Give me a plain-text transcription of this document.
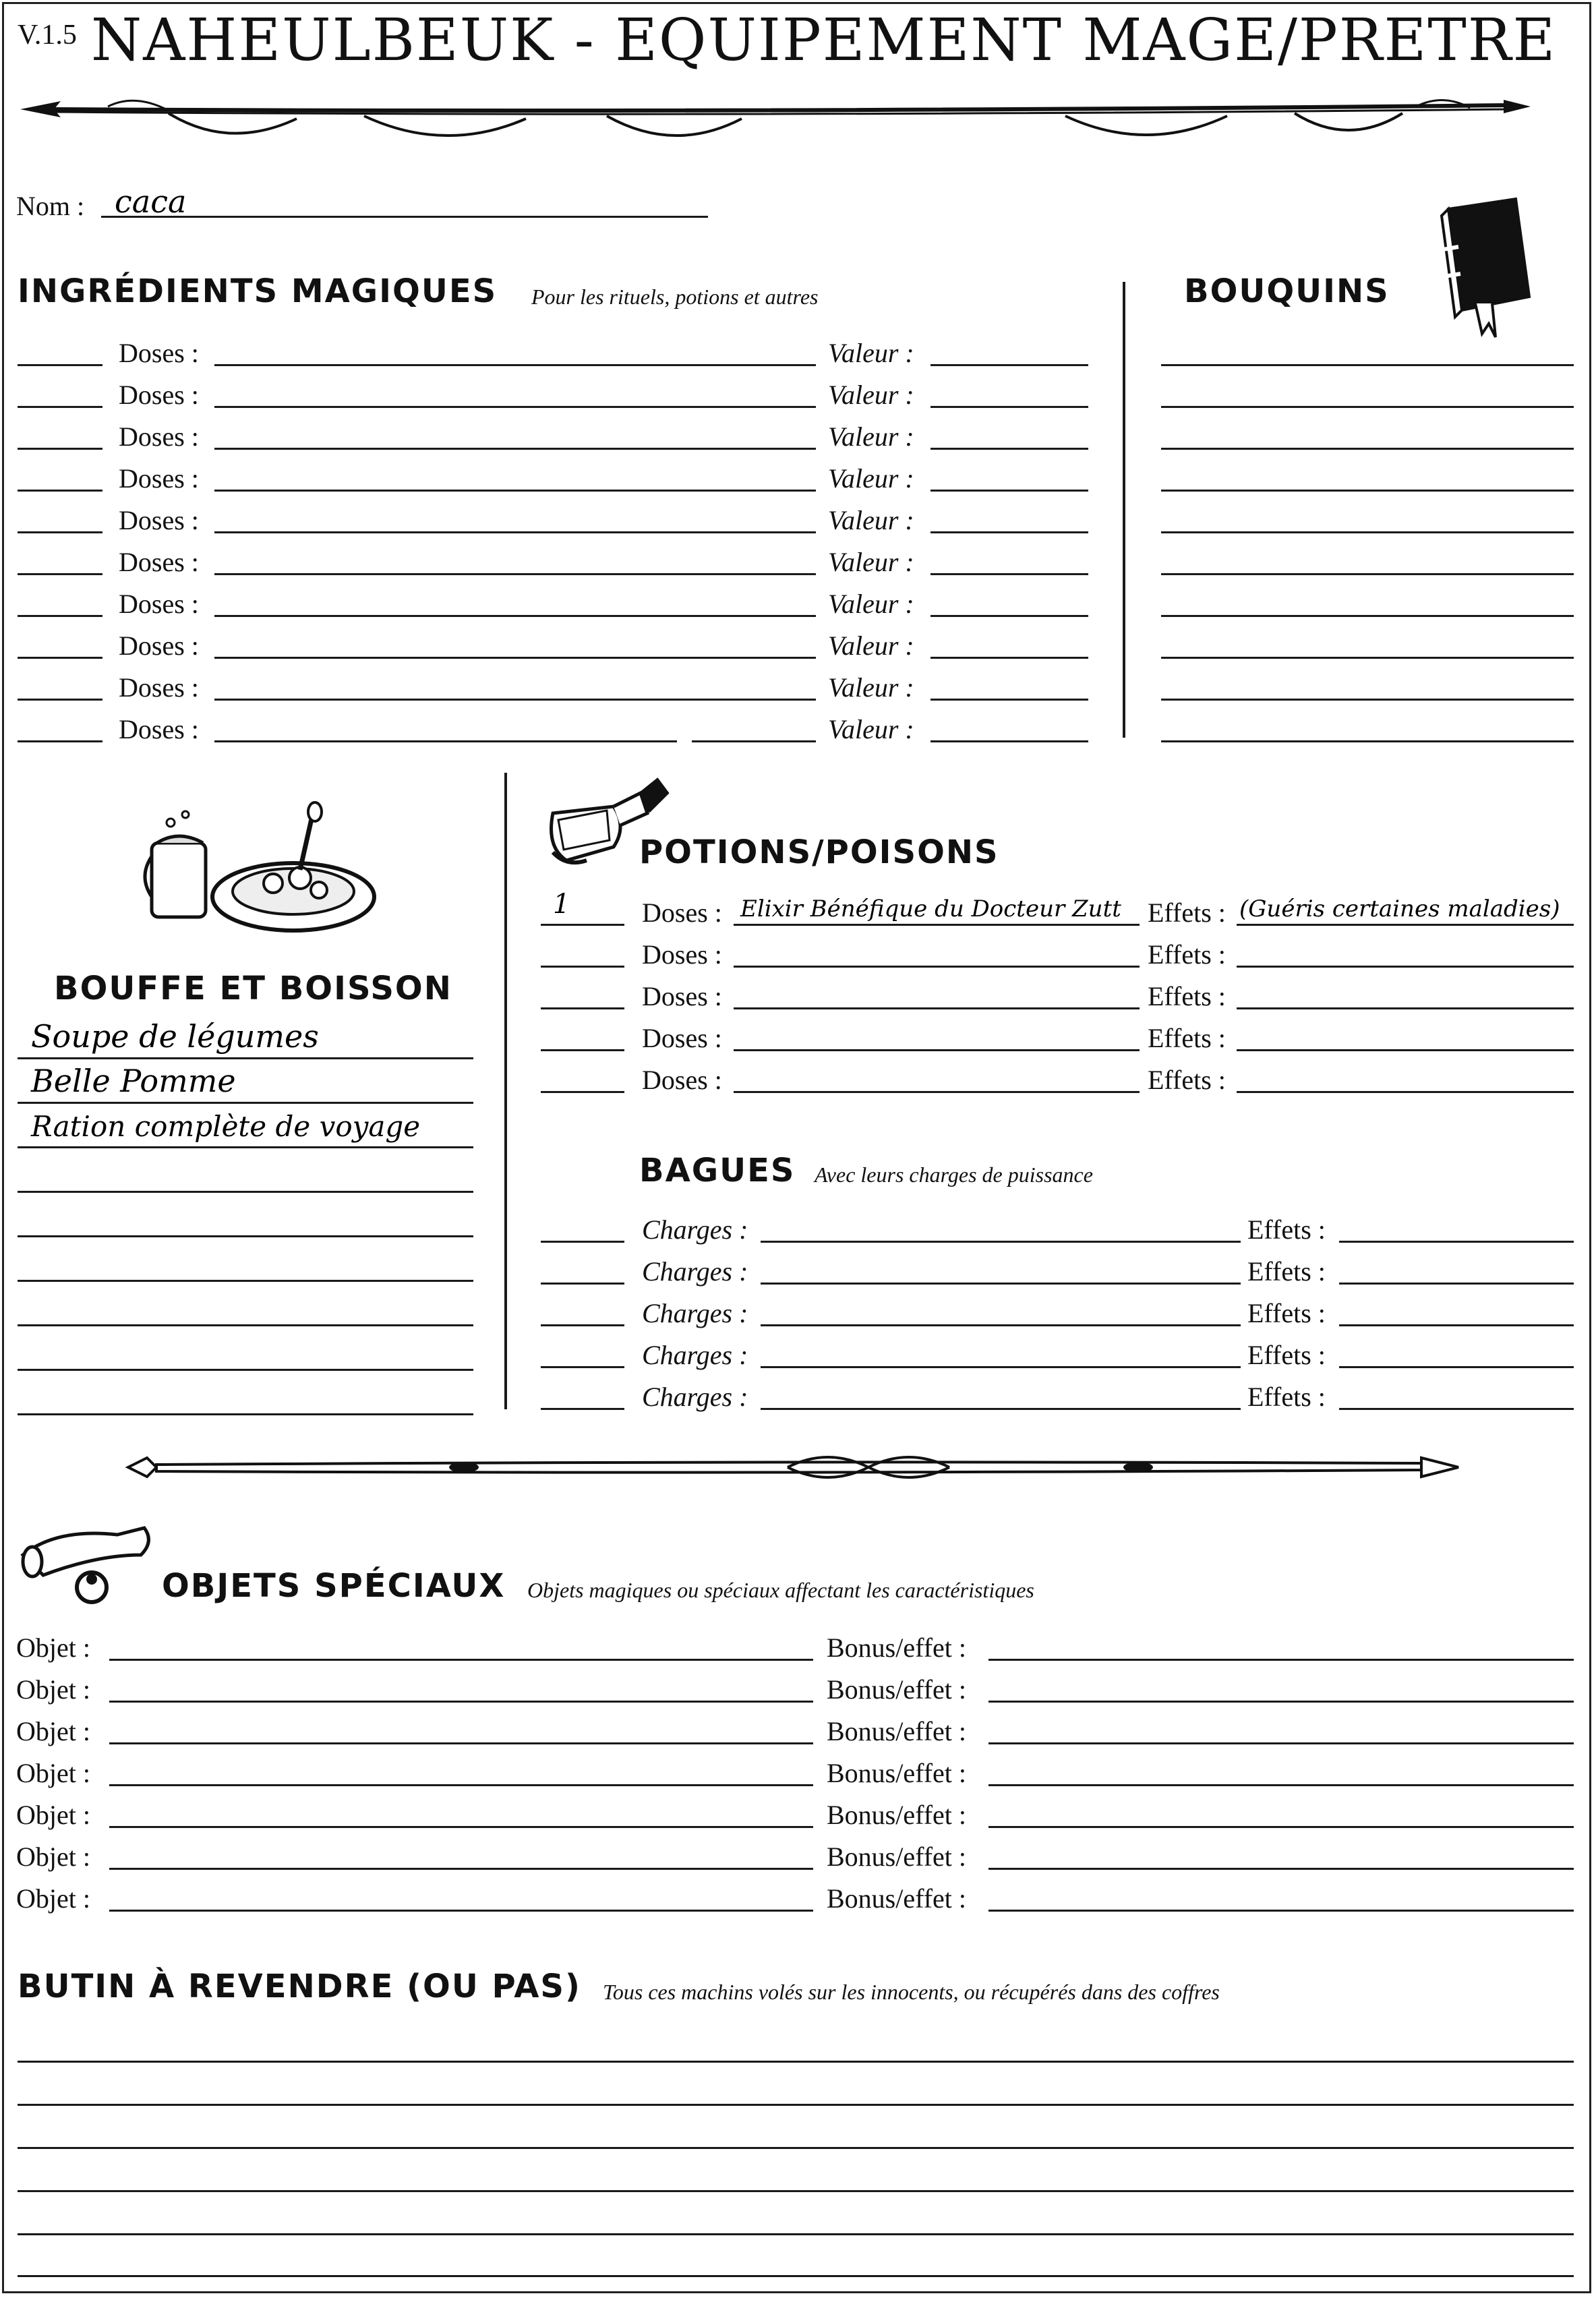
V.1.5 NAHEULBEUK - EQUIPEMENT MAGE/PRETRE
Nom : caca
INGRÉDIENTS MAGIQUES Pour les rituels, potions et autres	BOUQUINS
Doses :	Valeur :
Doses :	Valeur :
Doses :	Valeur :
Doses :	Valeur :
Doses :	Valeur :
Doses :	Valeur :
Doses :	Valeur :
Doses :	Valeur :
Doses :	Valeur :
Doses :	Valeur :
BOUFFE ET BOISSON
Soupe de légumes
Belle Pomme
Ration complète de voyage
POTIONS/POISONS
1	Doses : Elixir Bénéfique du Docteur Zutt Effets : (Guéris certaines maladies)
Doses :	Effets :
Doses :	Effets :
Doses :	Effets :
Doses :	Effets :
BAGUES Avec leurs charges de puissance
Charges :	Effets :
Charges :	Effets :
Charges :	Effets :
Charges :	Effets :
Charges :	Effets :
OBJETS SPÉCIAUX Objets magiques ou spéciaux affectant les caractéristiques
Objet :	Bonus/effet :
Objet :	Bonus/effet :
Objet :	Bonus/effet :
Objet :	Bonus/effet :
Objet :	Bonus/effet :
Objet :	Bonus/effet :
Objet :	Bonus/effet :
BUTIN À REVENDRE (OU PAS) Tous ces machins volés sur les innocents, ou récupérés dans des coffres
